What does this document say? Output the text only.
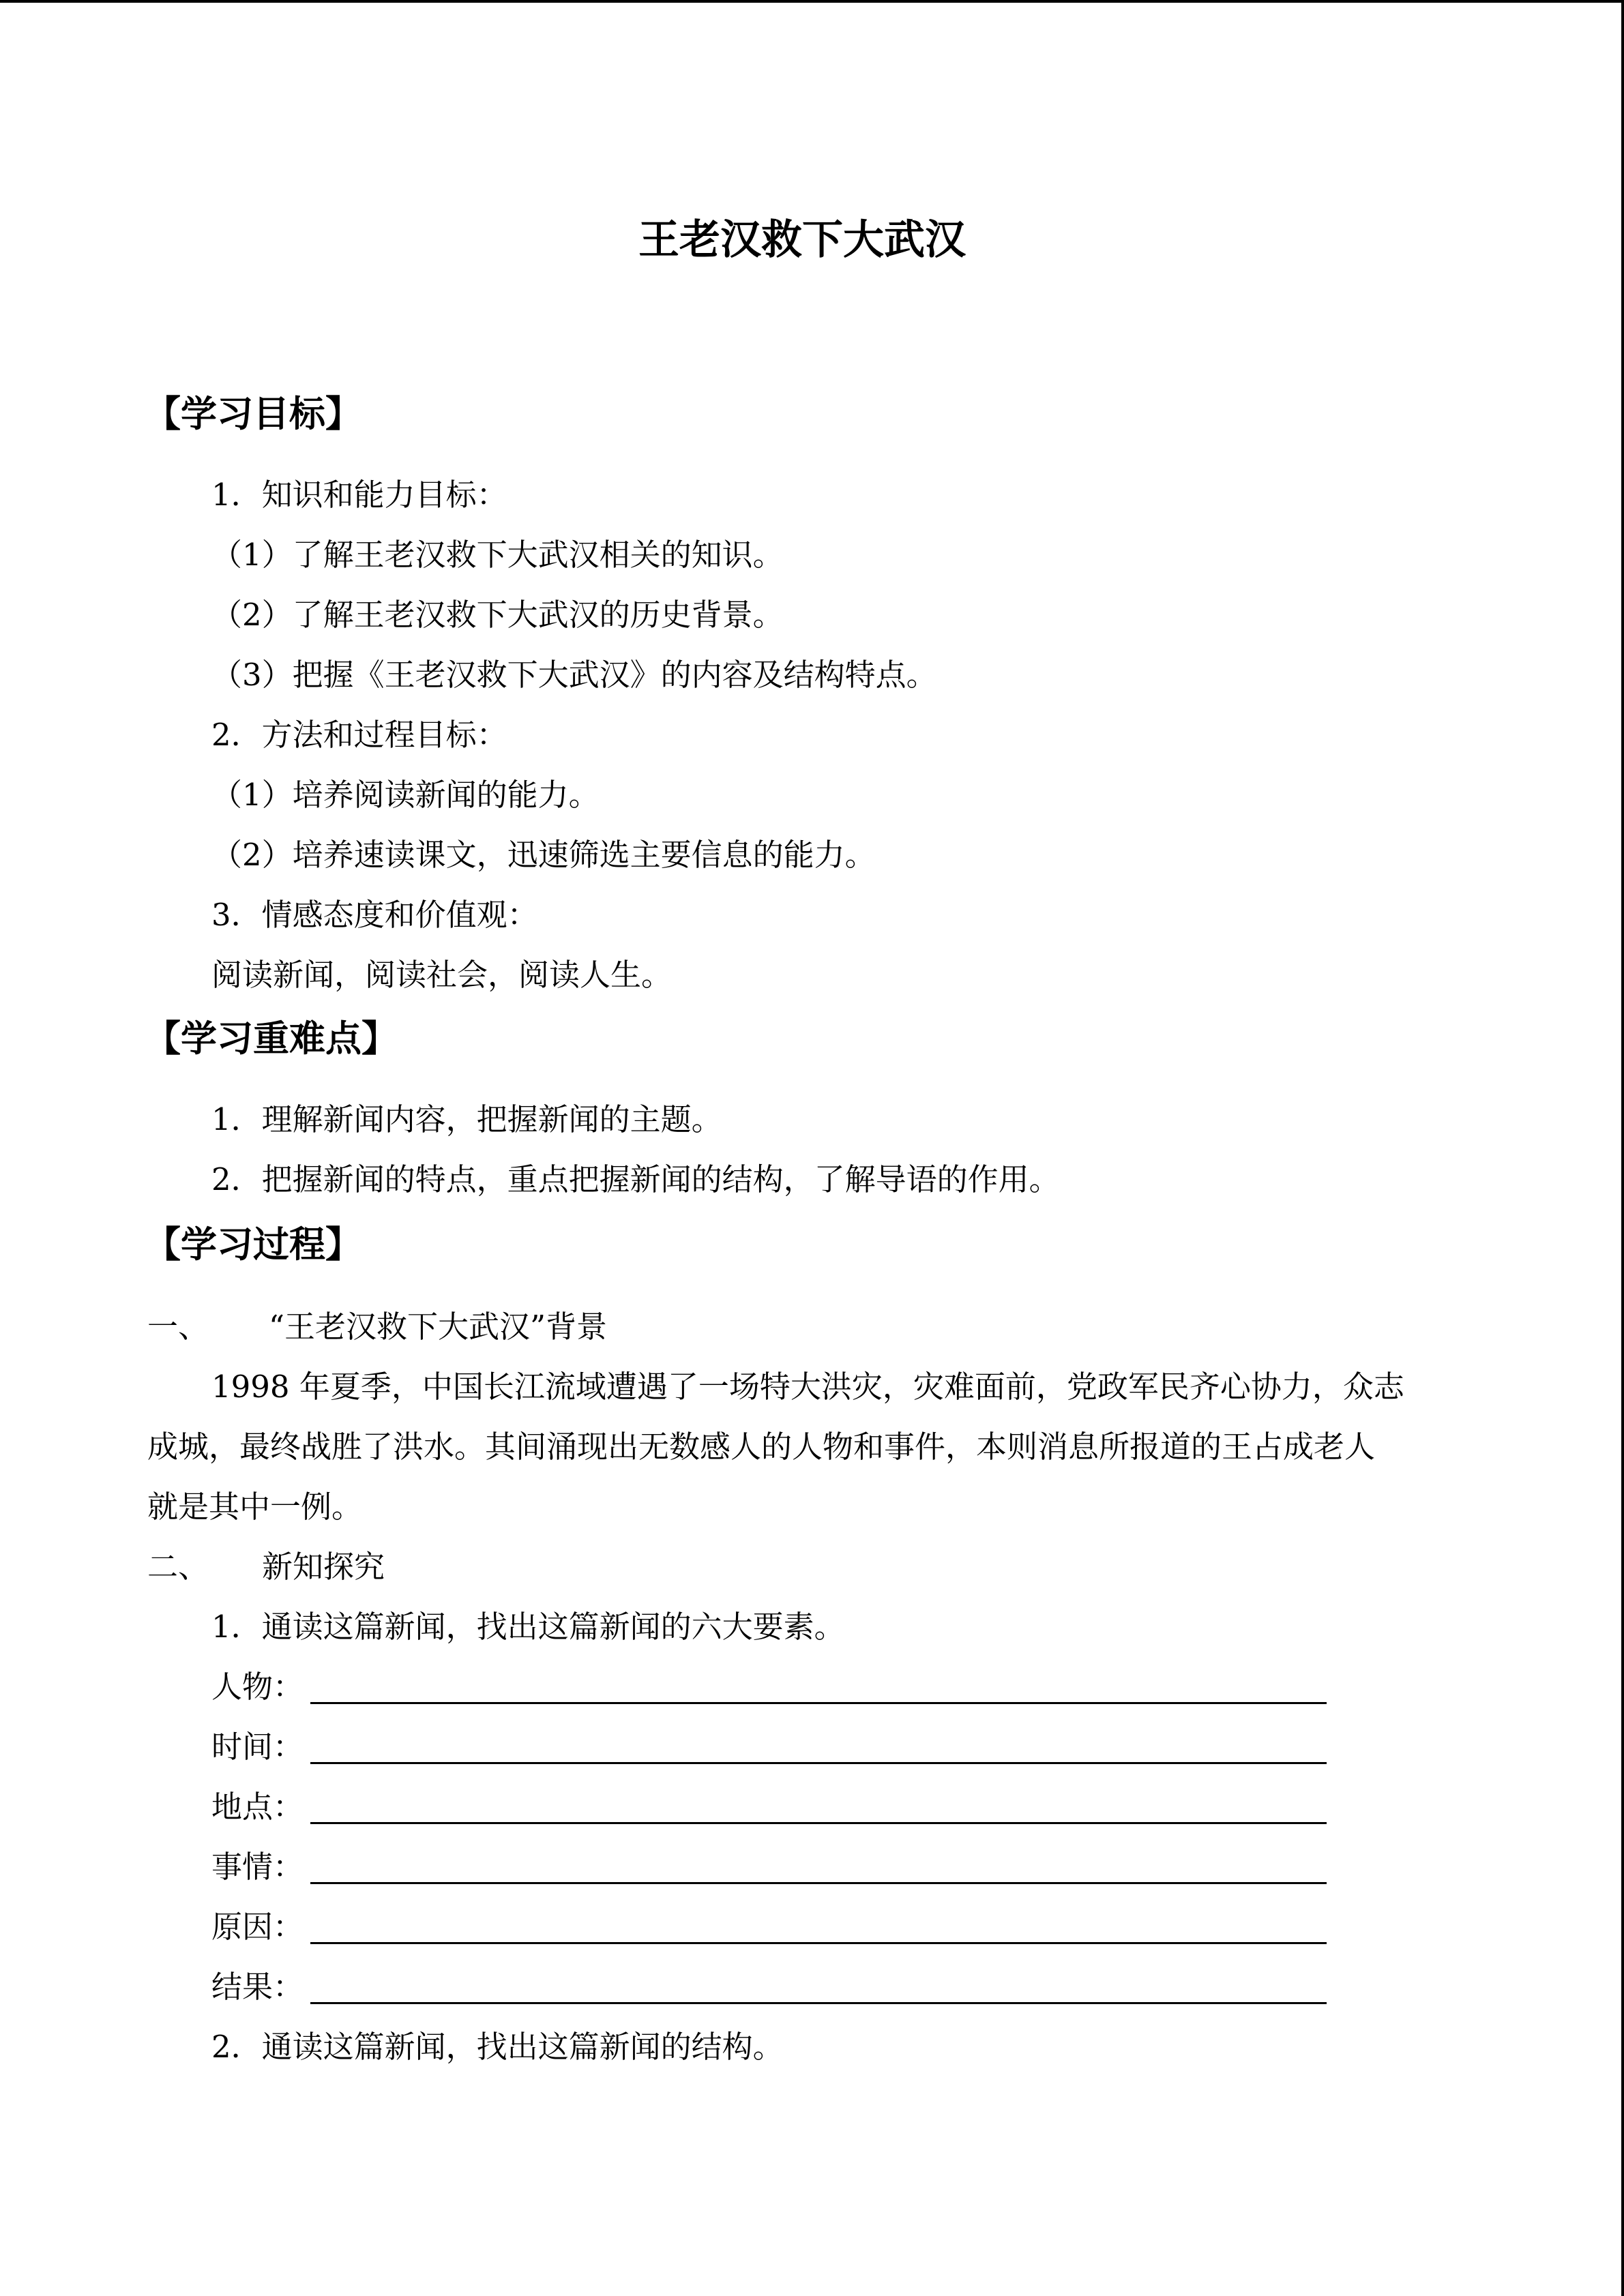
王老汉救下大武汉
【学习目标】
1．知识和能力目标：
（1）了解王老汉救下大武汉相关的知识。
（2）了解王老汉救下大武汉的历史背景。
（3）把握《王老汉救下大武汉》的内容及结构特点。
2．方法和过程目标：
（1）培养阅读新闻的能力。
（2）培养速读课文，迅速筛选主要信息的能力。
3．情感态度和价值观：
阅读新闻，阅读社会，阅读人生。
【学习重难点】
1．理解新闻内容，把握新闻的主题。
2．把握新闻的特点，重点把握新闻的结构，了解导语的作用。
【学习过程】
一、 “王老汉救下大武汉”背景
1998 年夏季，中国长江流域遭遇了一场特大洪灾，灾难面前，党政军民齐心协力，众志
成城，最终战胜了洪水。其间涌现出无数感人的人物和事件，本则消息所报道的王占成老人
就是其中一例。
二、 新知探究
1．通读这篇新闻，找出这篇新闻的六大要素。
人物：
时间：
地点：
事情：
原因：
结果：
2．通读这篇新闻，找出这篇新闻的结构。
